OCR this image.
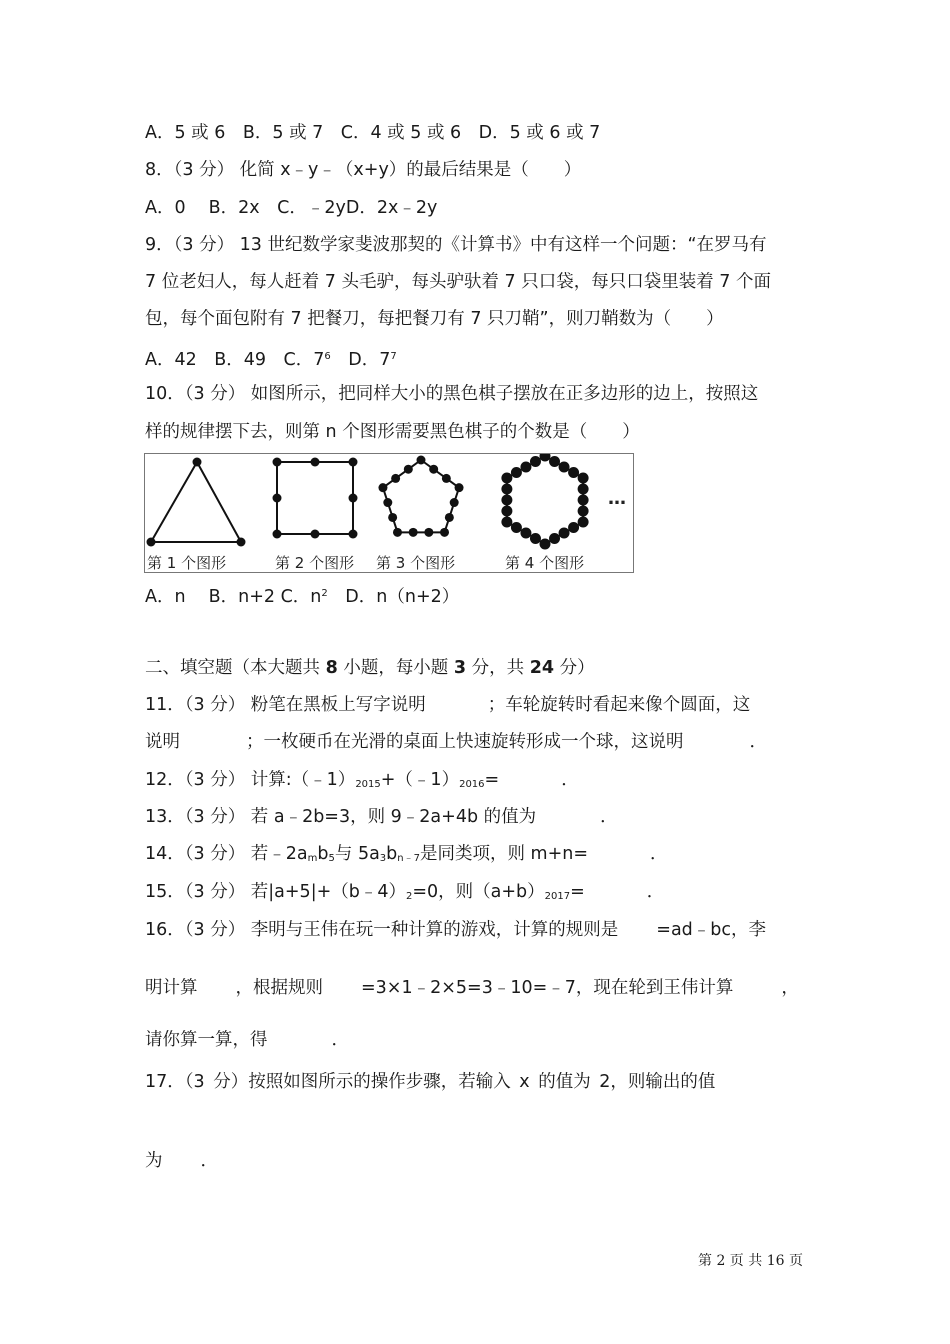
A．5 或 6　B．5 或 7　C．4 或 5 或 6　D．5 或 6 或 7
8．（3 分） 化简 x﹣y﹣（x+y）的最后结果是（　　）
A．0　 B．2x　C．﹣2yD．2x﹣2y
9．（3 分） 13 世纪数学家斐波那契的《计算书》中有这样一个问题：“在罗马有
7 位老妇人，每人赶着 7 头毛驴，每头驴驮着 7 只口袋，每只口袋里装着 7 个面
包，每个面包附有 7 把餐刀，每把餐刀有 7 只刀鞘”，则刀鞘数为（　　）
A．42　B．49　C．$7^6$　D．$7^7$
10．（3 分） 如图所示，把同样大小的黑色棋子摆放在正多边形的边上，按照这
样的规律摆下去，则第 n 个图形需要黑色棋子的个数是（　　）
第 1 个图形	第 2 个图形 第 3 个图形	第 4 个图形
…
A．n　 B．n+2 C．$n^2$　D．n（n+2）
二、填空题（本大题共 8 小题，每小题 3 分，共 24 分）
11．（3 分） 粉笔在黑板上写字说明	；车轮旋转时看起来像个圆面，这
说明	；一枚硬币在光滑的桌面上快速旋转形成一个球，这说明	．
12．（3 分） 计算$:(﹣1)_{2015}+(﹣1)_{2016}=$	．
13．（3 分） 若 a﹣2b=3，则 9﹣2a+4b 的值为	．
14．（3 分） 若$﹣2a_mb_5$与 $5a_3b_{n﹣7}$是同类项，则 m+n=	．
15．（3 分） 若$|a+5|+(b﹣4)_2=0$，则$(a+b)_{2017}=$	．
16．（3 分） 李明与王伟在玩一种计算的游戏，计算的规则是 =ad﹣bc，李
明计算 ，根据规则 =3×1﹣2×5=3﹣10=﹣7，现在轮到王伟计算	，
请你算一算，得	．
17．（3 分）按照如图所示的操作步骤，若输入 x 的值为 2，则输出的值
为 ．
第 2 页 共 16 页
